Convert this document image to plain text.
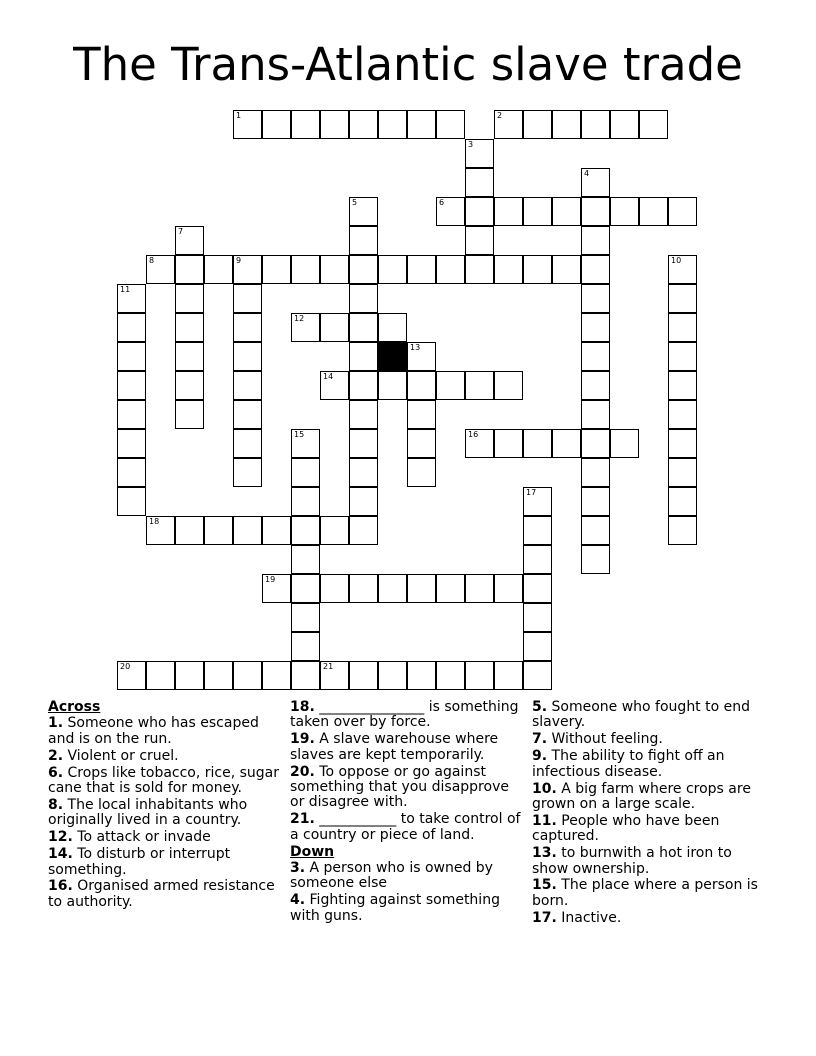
The Trans-Atlantic slave trade
1	2
3
4
5	6
7
8	9	10
11
12
13
14
15	16
17
18
19
20	21
Across
1. Someone who has escaped and is on the run.
2. Violent or cruel.
6. Crops like tobacco, rice, sugar cane that is sold for money.
8. The local inhabitants who originally lived in a country.
12. To attack or invade
14. To disturb or interrupt something.
16. Organised armed resistance to authority.
18. _______________ is something taken over by force.
19. A slave warehouse where slaves are kept temporarily.
20. To oppose or go against something that you disapprove or disagree with.
21. ___________ to take control of a country or piece of land.
Down
3. A person who is owned by someone else
4. Fighting against something with guns.
5. Someone who fought to end slavery.
7. Without feeling.
9. The ability to fight off an infectious disease.
10. A big farm where crops are grown on a large scale.
11. People who have been captured.
13. to burnwith a hot iron to show ownership.
15. The place where a person is born.
17. Inactive.
